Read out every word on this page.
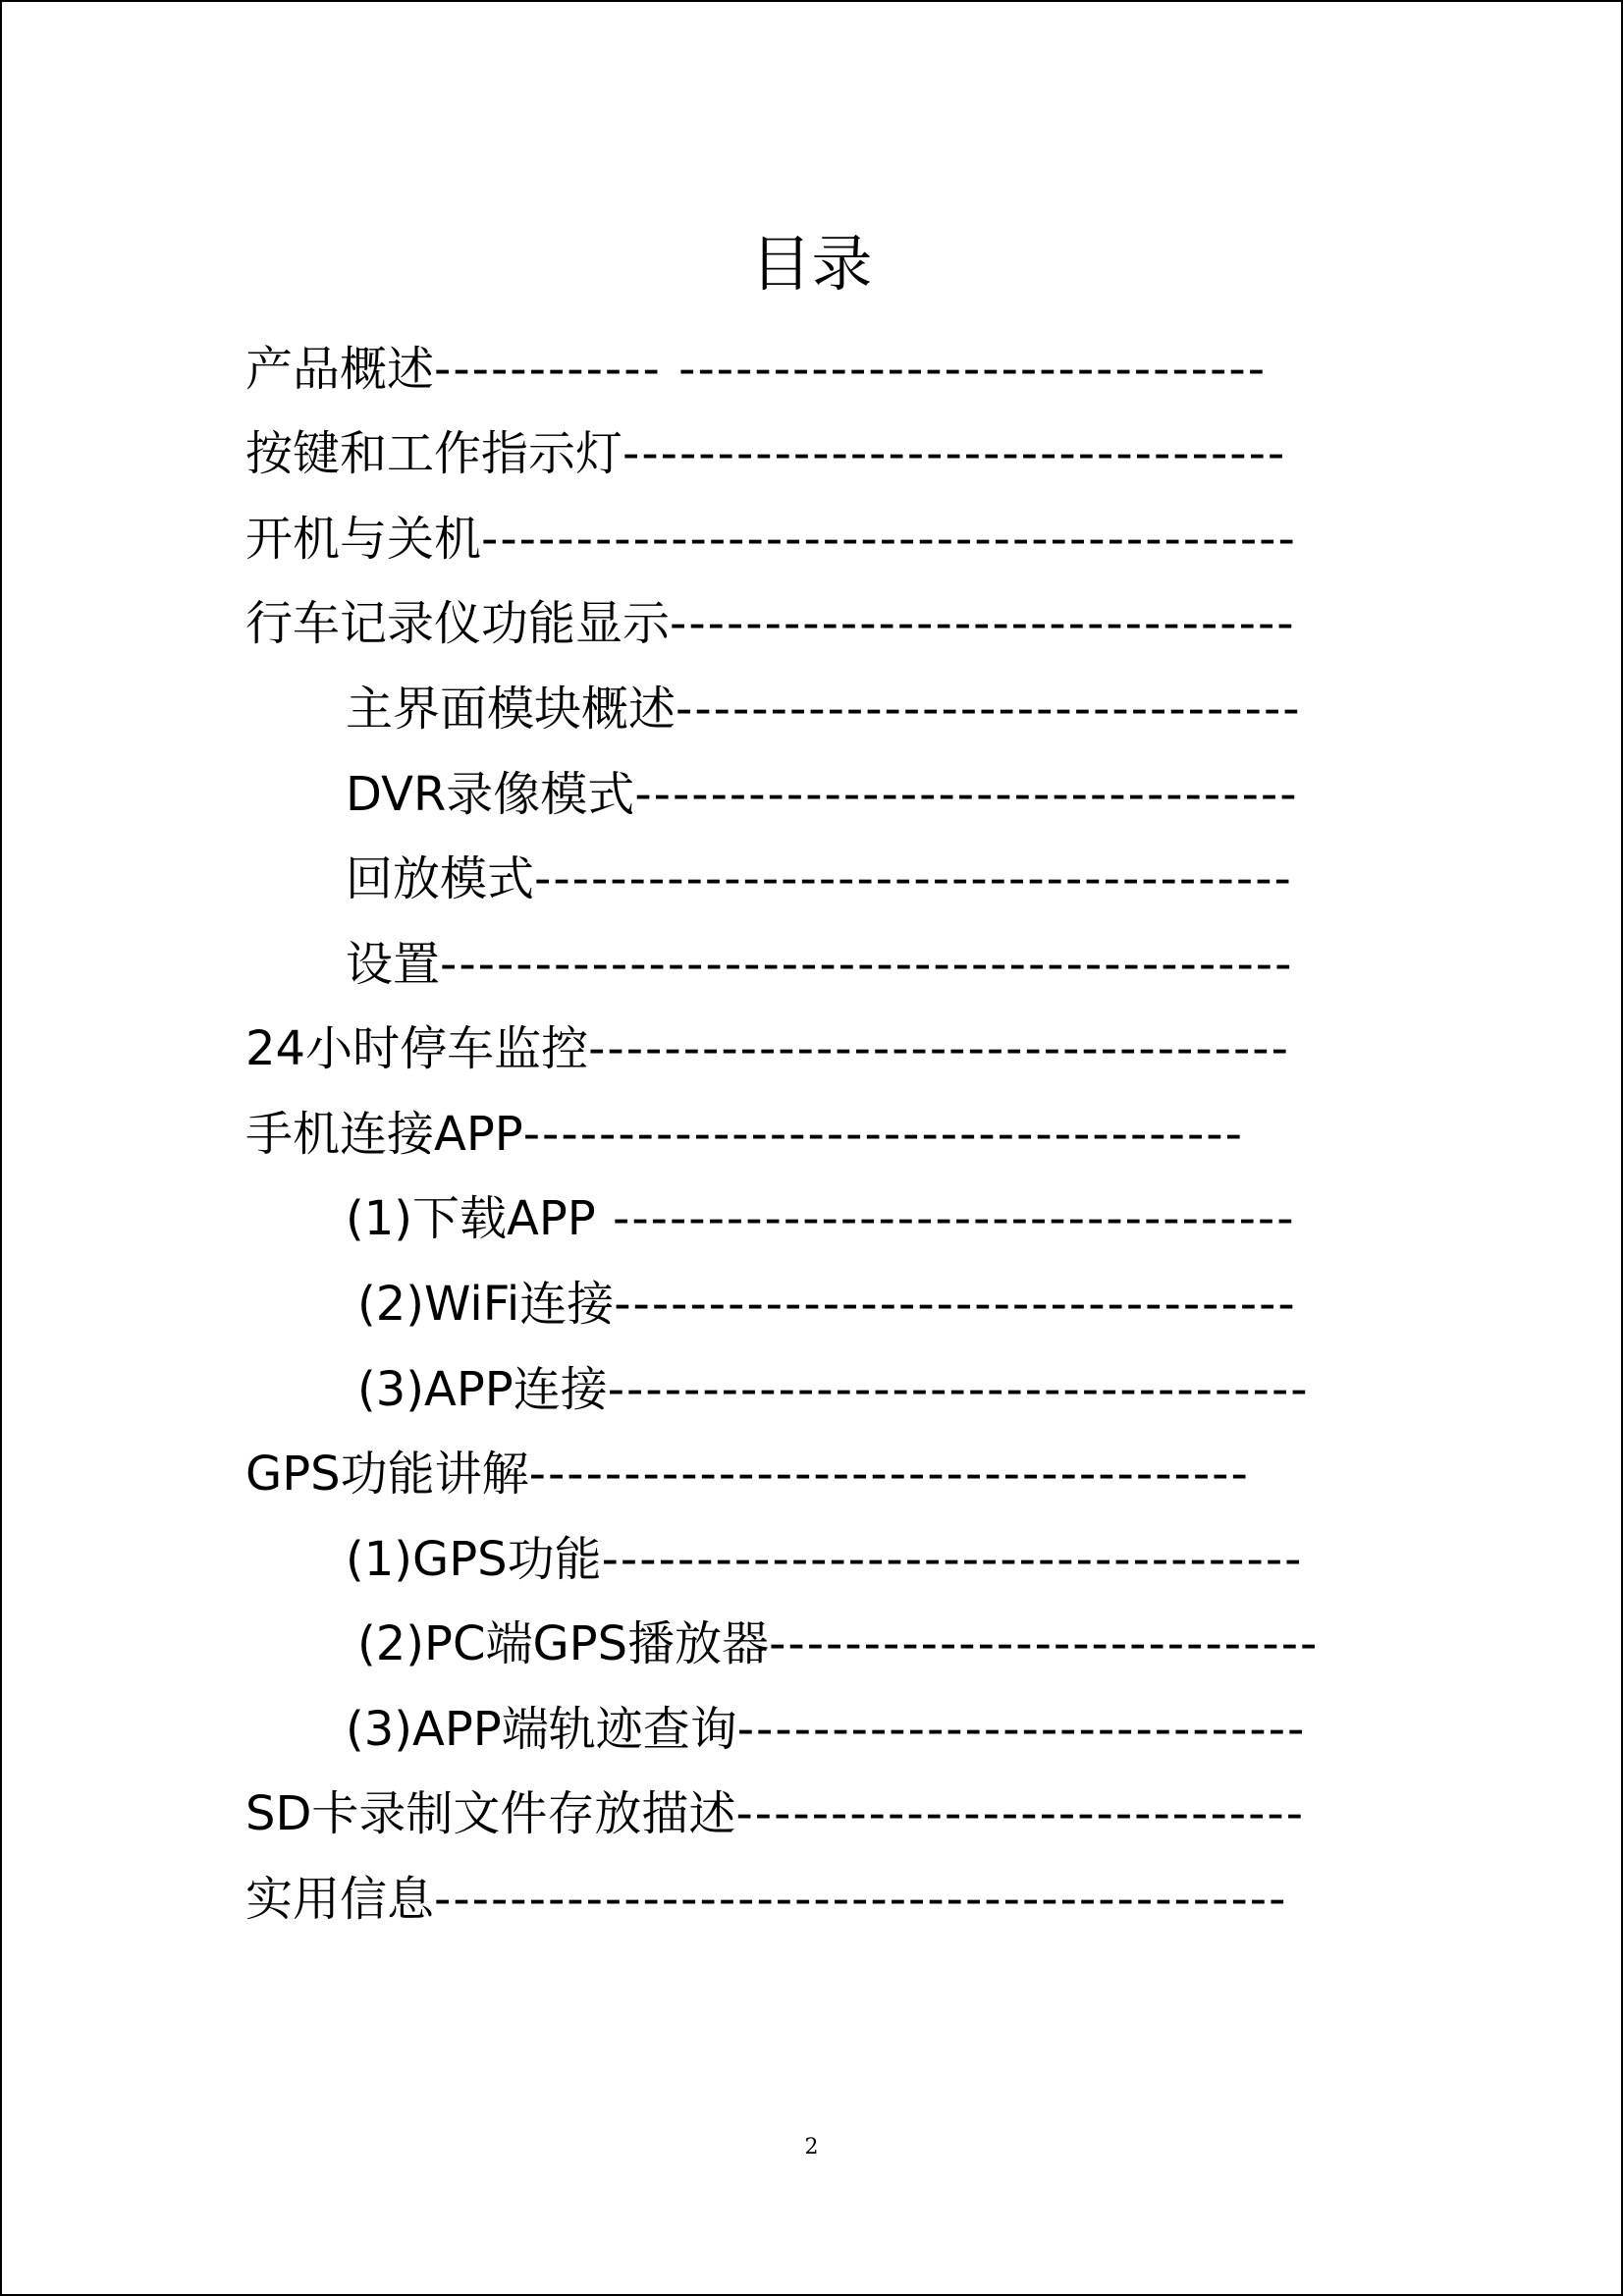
目录
产品概述------------ -------------------------------
按键和工作指示灯-----------------------------------
开机与关机-------------------------------------------
行车记录仪功能显示---------------------------------
主界面模块概述---------------------------------
DVR录像模式-----------------------------------
回放模式----------------------------------------
设置---------------------------------------------
24小时停车监控-------------------------------------
手机连接APP--------------------------------------
(1)下载APP ------------------------------------
(2)WiFi连接------------------------------------
(3)APP连接-------------------------------------
GPS功能讲解--------------------------------------
(1)GPS功能-------------------------------------
(2)PC端GPS播放器-----------------------------
(3)APP端轨迹查询------------------------------
SD卡录制文件存放描述------------------------------
实用信息---------------------------------------------
2
